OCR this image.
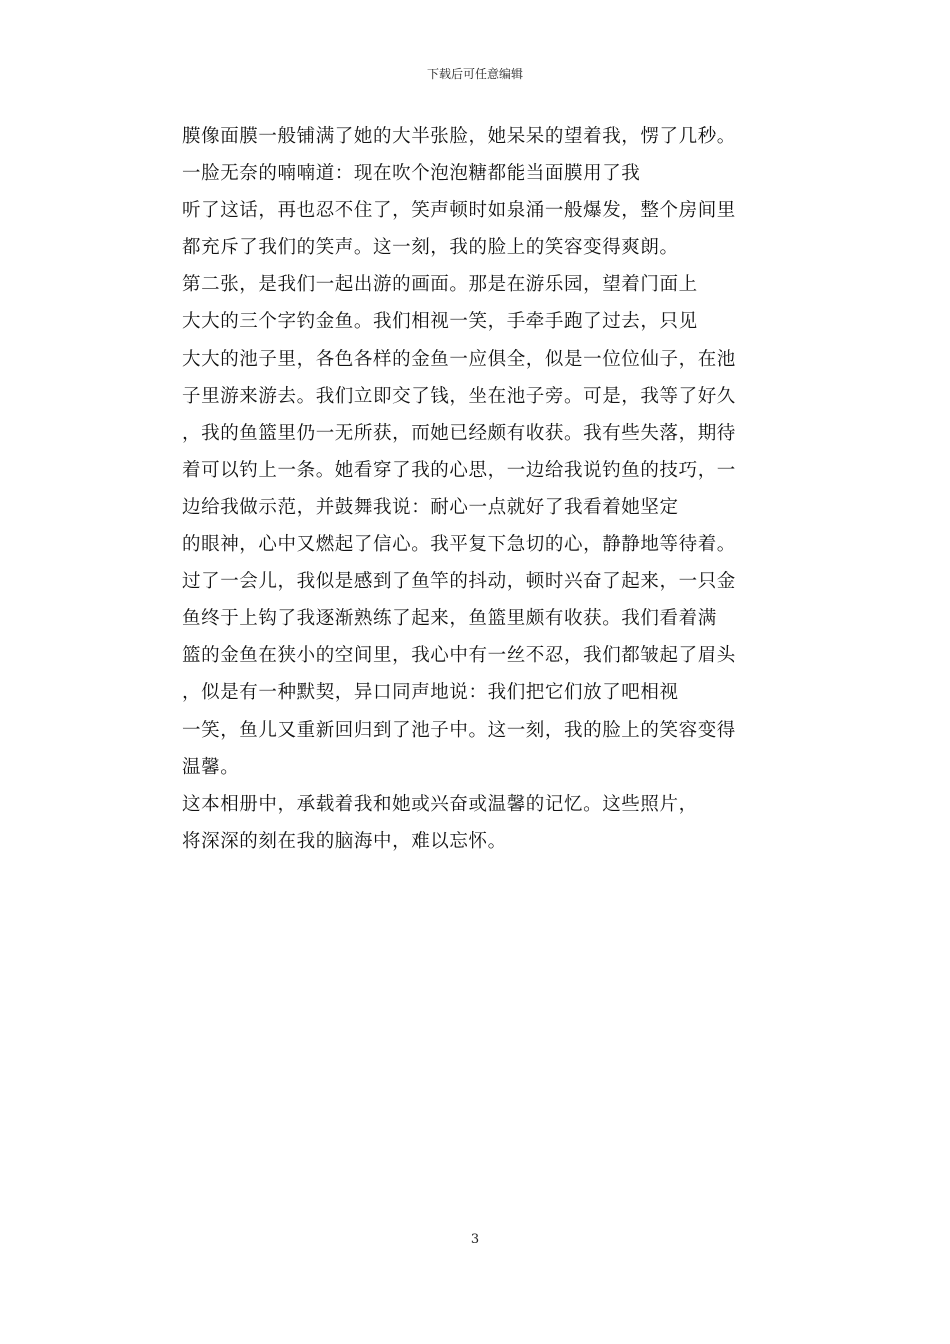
下载后可任意编辑
膜像面膜一般铺满了她的大半张脸，她呆呆的望着我，愣了几秒。
一脸无奈的喃喃道：现在吹个泡泡糖都能当面膜用了我
听了这话，再也忍不住了，笑声顿时如泉涌一般爆发，整个房间里
都充斥了我们的笑声。这一刻，我的脸上的笑容变得爽朗。
第二张，是我们一起出游的画面。那是在游乐园，望着门面上
大大的三个字钓金鱼。我们相视一笑，手牵手跑了过去，只见
大大的池子里，各色各样的金鱼一应俱全，似是一位位仙子，在池
子里游来游去。我们立即交了钱，坐在池子旁。可是，我等了好久
，我的鱼篮里仍一无所获，而她已经颇有收获。我有些失落，期待
着可以钓上一条。她看穿了我的心思，一边给我说钓鱼的技巧，一
边给我做示范，并鼓舞我说：耐心一点就好了我看着她坚定
的眼神，心中又燃起了信心。我平复下急切的心，静静地等待着。
过了一会儿，我似是感到了鱼竿的抖动，顿时兴奋了起来，一只金
鱼终于上钩了我逐渐熟练了起来，鱼篮里颇有收获。我们看着满
篮的金鱼在狭小的空间里，我心中有一丝不忍，我们都皱起了眉头
，似是有一种默契，异口同声地说：我们把它们放了吧相视
一笑，鱼儿又重新回归到了池子中。这一刻，我的脸上的笑容变得
温馨。
这本相册中，承载着我和她或兴奋或温馨的记忆。这些照片，
将深深的刻在我的脑海中，难以忘怀。
3
